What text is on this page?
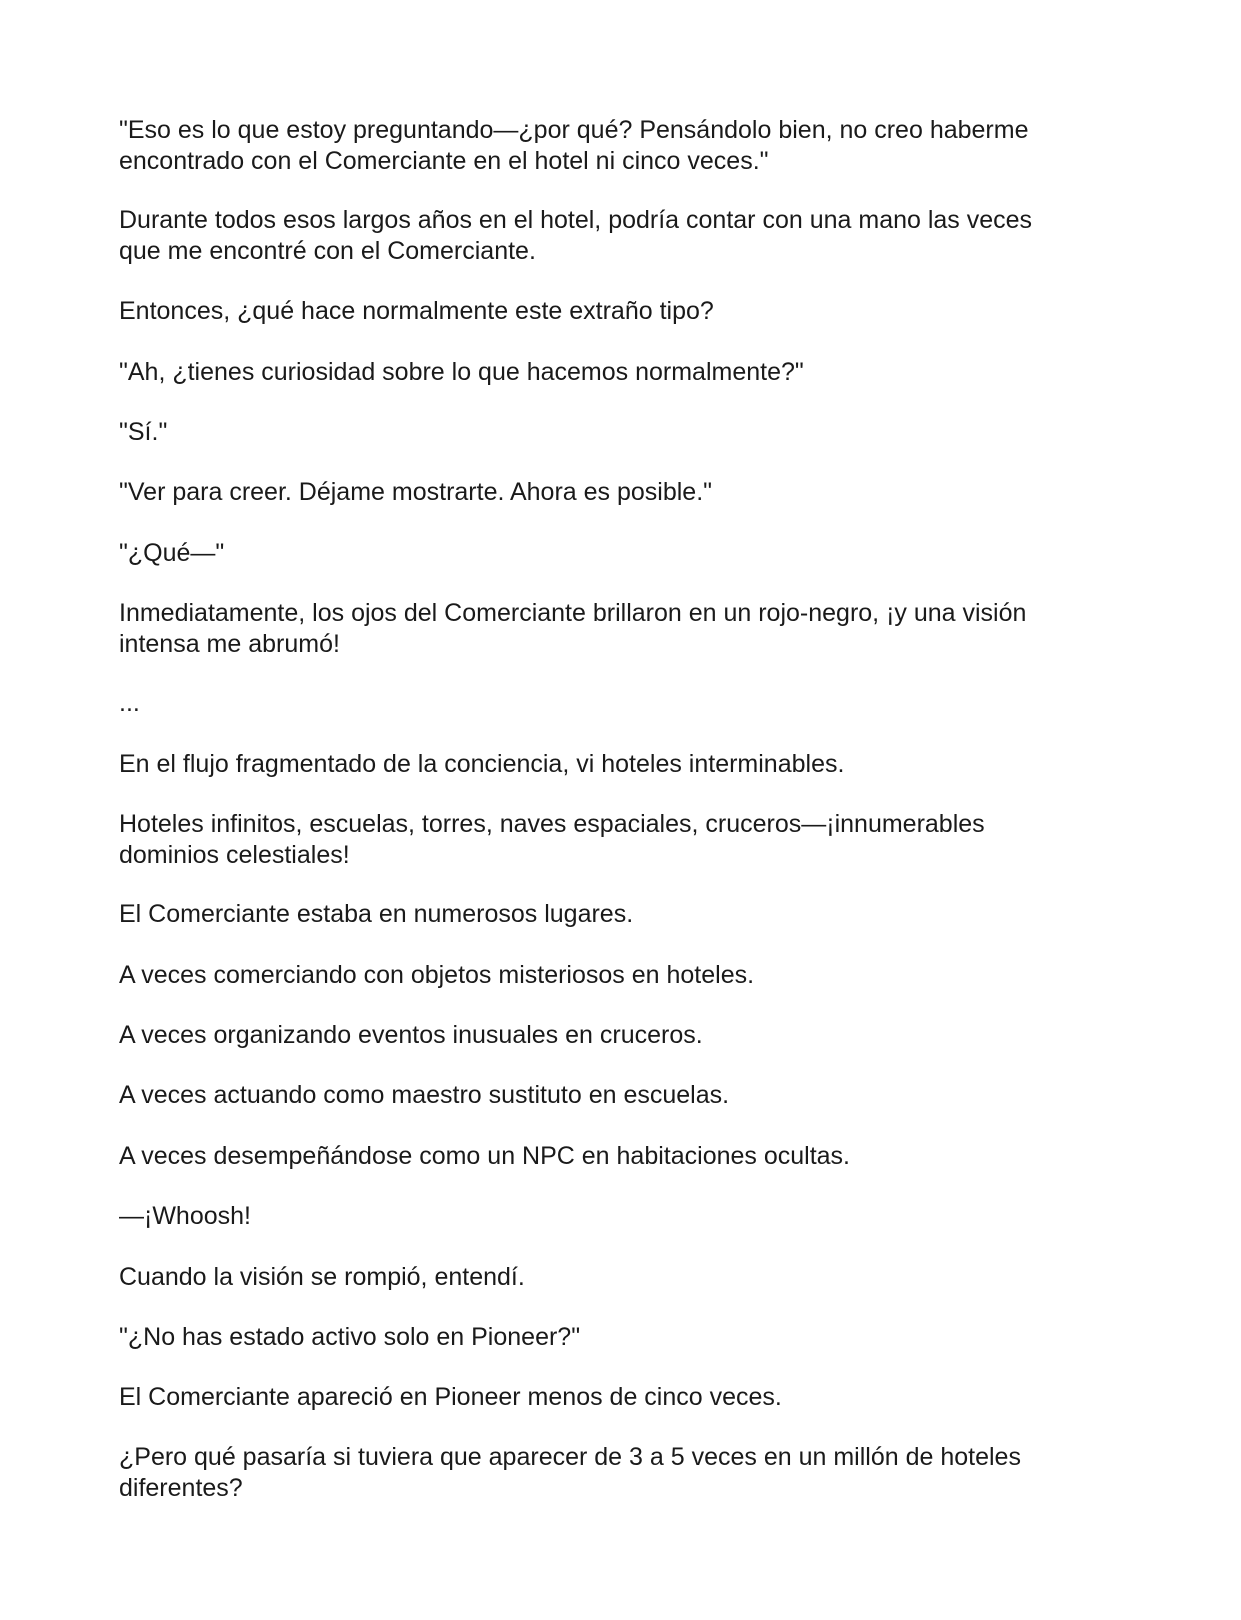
"Eso es lo que estoy preguntando—¿por qué? Pensándolo bien, no creo haberme
encontrado con el Comerciante en el hotel ni cinco veces."

Durante todos esos largos años en el hotel, podría contar con una mano las veces
que me encontré con el Comerciante.

Entonces, ¿qué hace normalmente este extraño tipo?

"Ah, ¿tienes curiosidad sobre lo que hacemos normalmente?"

"Sí."

"Ver para creer. Déjame mostrarte. Ahora es posible."

"¿Qué—"

Inmediatamente, los ojos del Comerciante brillaron en un rojo-negro, ¡y una visión
intensa me abrumó!

...

En el flujo fragmentado de la conciencia, vi hoteles interminables.

Hoteles infinitos, escuelas, torres, naves espaciales, cruceros—¡innumerables
dominios celestiales!

El Comerciante estaba en numerosos lugares.

A veces comerciando con objetos misteriosos en hoteles.

A veces organizando eventos inusuales en cruceros.

A veces actuando como maestro sustituto en escuelas.

A veces desempeñándose como un NPC en habitaciones ocultas.

—¡Whoosh!

Cuando la visión se rompió, entendí.

"¿No has estado activo solo en Pioneer?"

El Comerciante apareció en Pioneer menos de cinco veces.

¿Pero qué pasaría si tuviera que aparecer de 3 a 5 veces en un millón de hoteles
diferentes?
